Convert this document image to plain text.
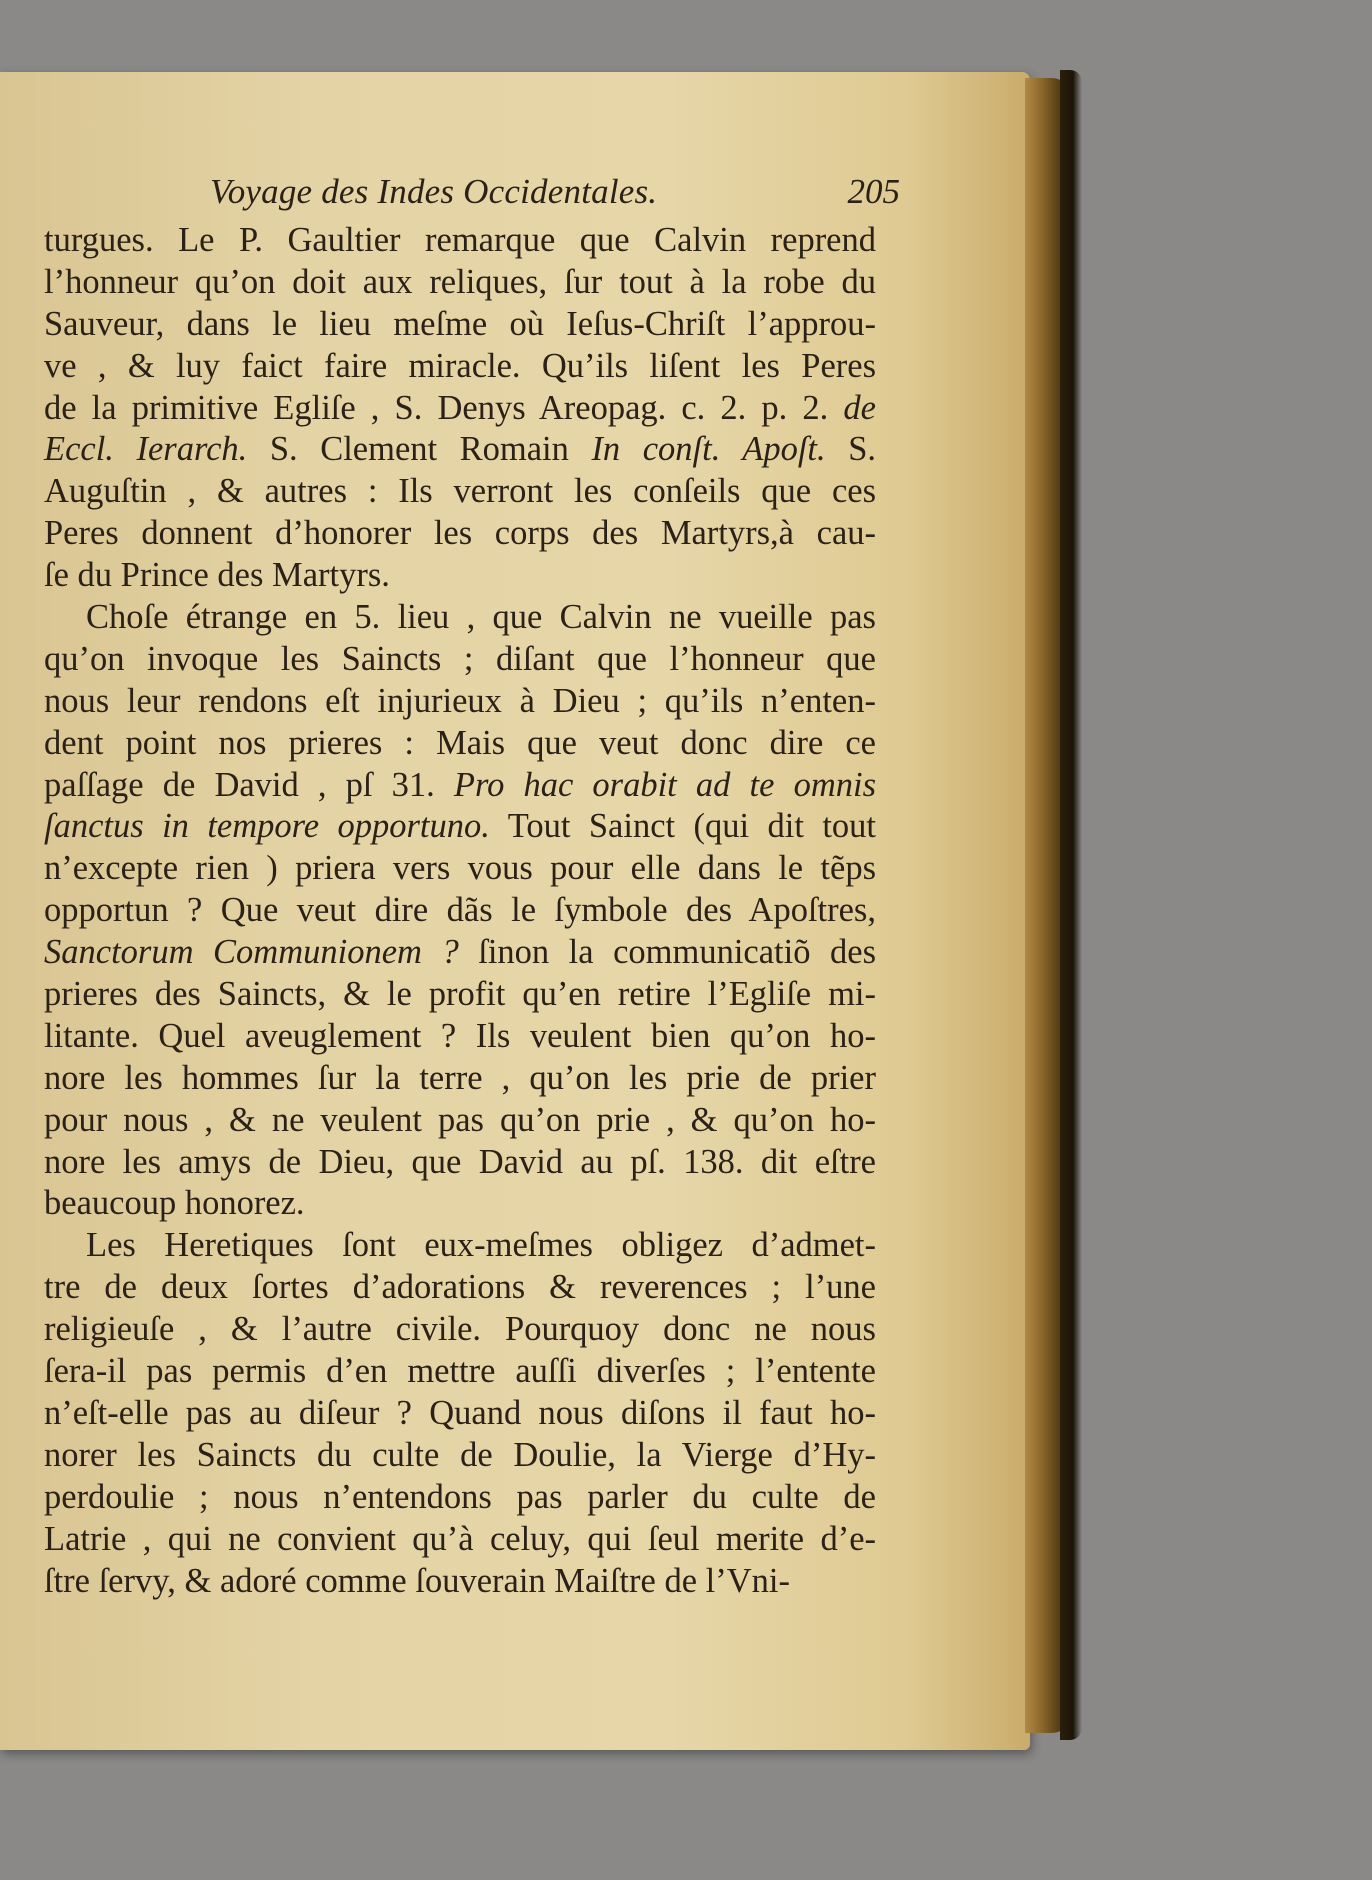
Voyage des Indes Occidentales.	205
turgues. Le P. Gaultier remarque que Calvin reprend
l’honneur qu’on doit aux reliques, ſur tout à la robe du
Sauveur, dans le lieu meſme où Ieſus-Chriſt l’approu-
ve , & luy faict faire miracle. Qu’ils liſent les Peres
de la primitive Egliſe , S. Denys Areopag. c. 2. p. 2. de
Eccl. Ierarch. S. Clement Romain In conſt. Apoſt. S.
Auguſtin , & autres : Ils verront les conſeils que ces
Peres donnent d’honorer les corps des Martyrs,à cau-
ſe du Prince des Martyrs.
Choſe étrange en 5. lieu , que Calvin ne vueille pas
qu’on invoque les Saincts ; diſant que l’honneur que
nous leur rendons eſt injurieux à Dieu ; qu’ils n’enten-
dent point nos prieres : Mais que veut donc dire ce
paſſage de David , pſ 31. Pro hac orabit ad te omnis
ſanctus in tempore opportuno. Tout Sainct (qui dit tout
n’excepte rien ) priera vers vous pour elle dans le tẽps
opportun ? Que veut dire dãs le ſymbole des Apoſtres,
Sanctorum Communionem ? ſinon la communicatiõ des
prieres des Saincts, & le profit qu’en retire l’Egliſe mi-
litante. Quel aveuglement ? Ils veulent bien qu’on ho-
nore les hommes ſur la terre , qu’on les prie de prier
pour nous , & ne veulent pas qu’on prie , & qu’on ho-
nore les amys de Dieu, que David au pſ. 138. dit eſtre
beaucoup honorez.
Les Heretiques ſont eux-meſmes obligez d’admet-
tre de deux ſortes d’adorations & reverences ; l’une
religieuſe , & l’autre civile. Pourquoy donc ne nous
ſera-il pas permis d’en mettre auſſi diverſes ; l’entente
n’eſt-elle pas au diſeur ? Quand nous diſons il faut ho-
norer les Saincts du culte de Doulie, la Vierge d’Hy-
perdoulie ; nous n’entendons pas parler du culte de
Latrie , qui ne convient qu’à celuy, qui ſeul merite d’e-
ſtre ſervy, & adoré comme ſouverain Maiſtre de l’Vni-
